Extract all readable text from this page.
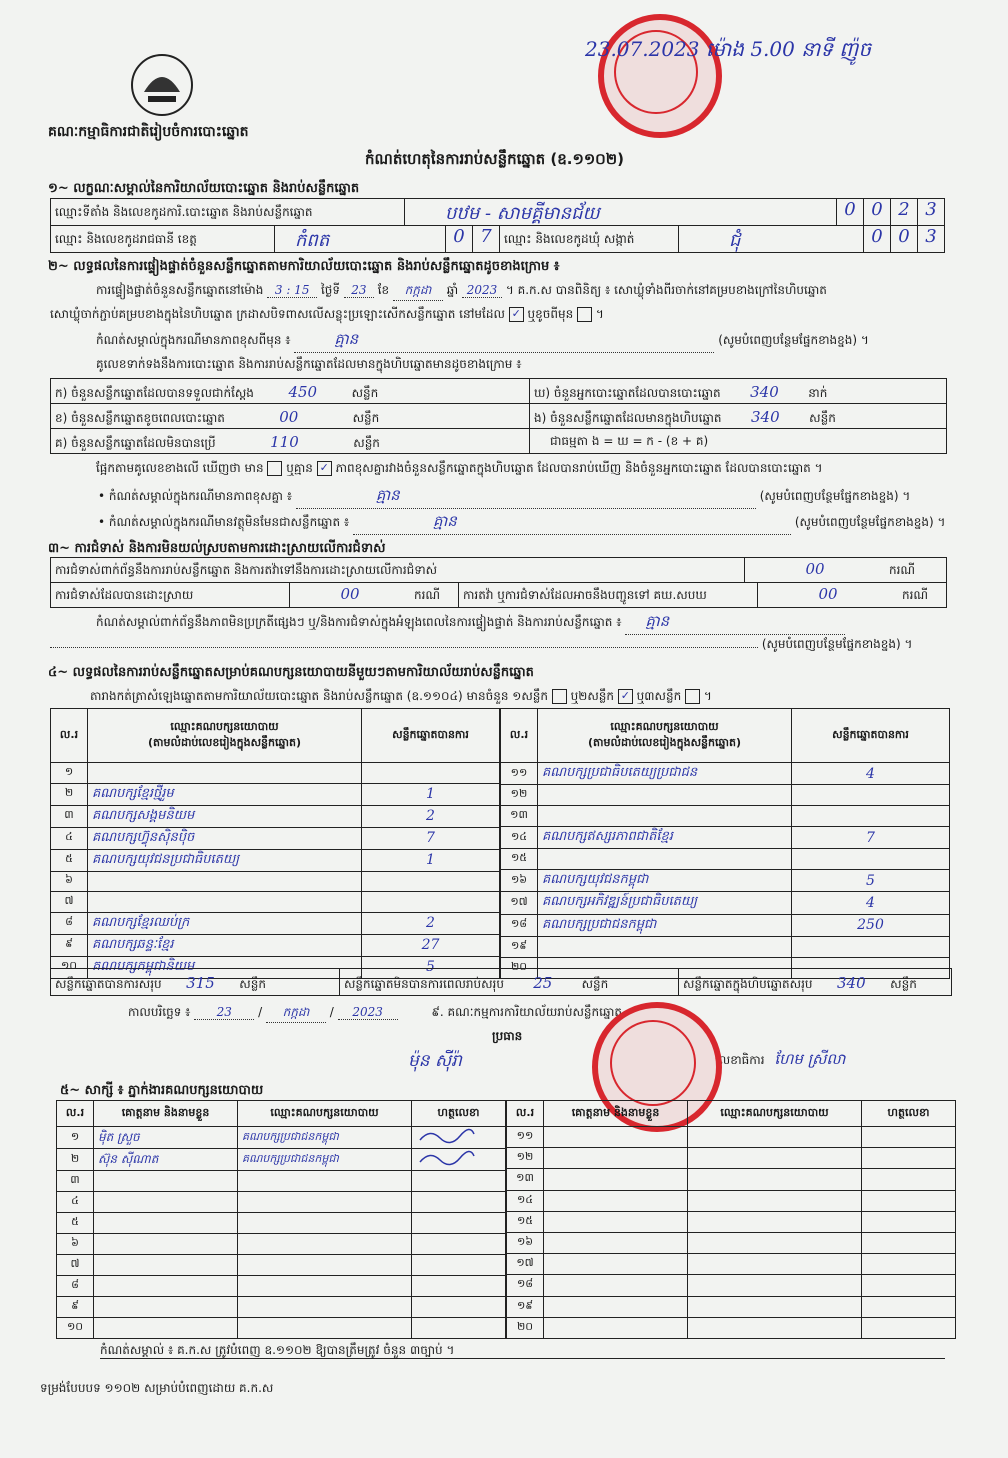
គណៈកម្មាធិការជាតិរៀបចំការបោះឆ្នោត
កំណត់ហេតុនៃការរាប់សន្លឹកឆ្នោត (ឧ.១១០២)
23.07.2023 ម៉ោង 5.00 នាទី ញ៉ូច
១~ លក្ខណៈសម្គាល់នៃការិយាល័យបោះឆ្នោត និងរាប់សន្លឹកឆ្នោត
ឈ្មោះទីតាំង និងលេខកូដការិ.បោះឆ្នោត និងរាប់សន្លឹកឆ្នោត	បឋម - សាមគ្គីមានជ័យ	0 0 2 3
ឈ្មោះ និងលេខកូដរាជធានី ខេត្ត	កំពត	0 7	ឈ្មោះ និងលេខកូដឃុំ សង្កាត់	ជុំ	0 0 3
២~ លទ្ធផលនៃការផ្ទៀងផ្ទាត់ចំនួនសន្លឹកឆ្នោតតាមការិយាល័យបោះឆ្នោត និងរាប់សន្លឹកឆ្នោតដូចខាងក្រោម ៖
ការផ្ទៀងផ្ទាត់ចំនួនសន្លឹកឆ្នោតនៅម៉ោង 3 : 15 ថ្ងៃទី 23 ខែ កក្កដា ឆ្នាំ 2023 ។ គ.ក.ស បានពិនិត្យ ៖ សោឃ្លុំទាំងពីរចាក់នៅគម្របខាងក្រៅនៃហិបឆ្នោត
សោឃ្លុំចាក់ភ្ជាប់គម្របខាងក្នុងនៃហិបឆ្នោត ក្រដាសបិទពាសលើសន្លុះប្រឡោះសើកសន្លឹកឆ្នោត នៅមដែល ✓ ឬខូចពីមុន ។
កំណត់សម្គាល់ក្នុងករណីមានភាពខុសពីមុន ៖	គ្មាន	(សូមបំពេញបន្ថែមផ្នែកខាងខ្នង) ។
គូលេខទាក់ទងនឹងការបោះឆ្នោត និងការរាប់សន្លឹកឆ្នោតដែលមានក្នុងហិបឆ្នោតមានដូចខាងក្រោម ៖
ក) ចំនួនសន្លឹកឆ្នោតដែលបានទទួលជាក់ស្តែង 450	សន្លឹក	ឃ) ចំនួនអ្នកបោះឆ្នោតដែលបានបោះឆ្នោត 340 នាក់
ខ) ចំនួនសន្លឹកឆ្នោតខូចពេលបោះឆ្នោត	00	សន្លឹក	ង) ចំនួនសន្លឹកឆ្នោតដែលមានក្នុងហិបឆ្នោត 340 សន្លឹក
គ) ចំនួនសន្លឹកឆ្នោតដែលមិនបានប្រើ	110	សន្លឹក	ជាធម្មតា ង = ឃ = ក - (ខ + គ)
ផ្អែកតាមគូលេខខាងលើ ឃើញថា មាន ឬគ្មាន ✓ ភាពខុសគ្នារវាងចំនួនសន្លឹកឆ្នោតក្នុងហិបឆ្នោត ដែលបានរាប់ឃើញ និងចំនួនអ្នកបោះឆ្នោត ដែលបានបោះឆ្នោត ។
• កំណត់សម្គាល់ក្នុងករណីមានភាពខុសគ្នា ៖	គ្មាន	(សូមបំពេញបន្ថែមផ្នែកខាងខ្នង) ។
• កំណត់សម្គាល់ក្នុងករណីមានវត្ថុមិនមែនជាសន្លឹកឆ្នោត ៖	គ្មាន	(សូមបំពេញបន្ថែមផ្នែកខាងខ្នង) ។
៣~ ការជំទាស់ និងការមិនយល់ស្របតាមការដោះស្រាយលើការជំទាស់
ការជំទាស់ពាក់ព័ន្ធនឹងការរាប់សន្លឹកឆ្នោត និងការតវ៉ាទៅនឹងការដោះស្រាយលើការជំទាស់	00	ករណី
ការជំទាស់ដែលបានដោះស្រាយ	00	ករណី	ការតវ៉ា ឬការជំទាស់ដែលអាចនឹងបញ្ជូនទៅ គឃ.សបឃ	00	ករណី
កំណត់សម្គាល់ពាក់ព័ន្ធនឹងភាពមិនប្រក្រតីផ្សេងៗ ឬ/និងការជំទាស់ក្នុងអំឡុងពេលនៃការផ្ទៀងផ្ទាត់ និងការរាប់សន្លឹកឆ្នោត ៖ គ្មាន
(សូមបំពេញបន្ថែមផ្នែកខាងខ្នង) ។
៤~ លទ្ធផលនៃការរាប់សន្លឹកឆ្នោតសម្រាប់គណបក្សនយោបាយនីមួយៗតាមការិយាល័យរាប់សន្លឹកឆ្នោត
តារាងកត់ត្រាសំឡេងឆ្នោតតាមការិយាល័យបោះឆ្នោត និងរាប់សន្លឹកឆ្នោត (ឧ.១១០៤) មានចំនួន ១សន្លឹក ឬ២សន្លឹក ✓ ឬ៣សន្លឹក ។
ល.រ	ឈ្មោះគណបក្សនយោបាយ
(តាមលំដាប់លេខរៀងក្នុងសន្លឹកឆ្នោត)	សន្លឹកឆ្នោតបានការ
១		
២	គណបក្សខ្មែរថ្មីរួម	1
៣	គណបក្សសង្គមនិយម	2
៤	គណបក្សហ៊្វុនស៊ិនប៉ិច	7
៥	គណបក្សយុវជនប្រជាធិបតេយ្យ	1
៦		
៧		
៨	គណបក្សខ្មែរឈប់ក្រ	2
៩	គណបក្សឆន្ទៈខ្មែរ	27
១០	គណបក្សកម្ពុជានិយម	5
ល.រ	ឈ្មោះគណបក្សនយោបាយ
(តាមលំដាប់លេខរៀងក្នុងសន្លឹកឆ្នោត)	សន្លឹកឆ្នោតបានការ
១១	គណបក្សប្រជាធិបតេយ្យប្រជាជន	4
១២		
១៣		
១៤	គណបក្សឥស្សរភាពជាតិខ្មែរ	7
១៥		
១៦	គណបក្សយុវជនកម្ពុជា	5
១៧	គណបក្សអភិវឌ្ឍន៍ប្រជាធិបតេយ្យ	4
១៨	គណបក្សប្រជាជនកម្ពុជា	250
១៩		
២០		
សន្លឹកឆ្នោតបានការសរុប 315 សន្លឹក	សន្លឹកឆ្នោតមិនបានការពេលរាប់សរុប 25 សន្លឹក	សន្លឹកឆ្នោតក្នុងហិបឆ្នោតសរុប 340 សន្លឹក
កាលបរិច្ឆេទ ៖ 23 / កក្កដា / 2023	៩. គណៈកម្មការការិយាល័យរាប់សន្លឹកឆ្នោត
ប្រធាន
ម៉ុន ស៊ីរ៉ា	លេខាធិការ ហែម ស្រីលា
៥~ សាក្សី ៖ ភ្នាក់ងារគណបក្សនយោបាយ
ល.រ	គោត្តនាម និងនាមខ្លួន	ឈ្មោះគណបក្សនយោបាយ	ហត្ថលេខា
១	ម៉ិត ស្រួច	គណបក្សប្រជាជនកម្ពុជា	
២	ស៊ុន ស៊ីណាត	គណបក្សប្រជាជនកម្ពុជា	
៣			
៤			
៥			
៦			
៧			
៨			
៩			
១០			
ល.រ	គោត្តនាម និងនាមខ្លួន	ឈ្មោះគណបក្សនយោបាយ	ហត្ថលេខា
១១			
១២			
១៣			
១៤			
១៥			
១៦			
១៧			
១៨			
១៩			
២០			
កំណត់សម្គាល់ ៖ គ.ក.ស ត្រូវបំពេញ ឧ.១១០២ ឱ្យបានត្រឹមត្រូវ ចំនួន ៣ច្បាប់ ។
ទម្រង់បែបបទ ១១០២ សម្រាប់បំពេញដោយ គ.ក.ស
